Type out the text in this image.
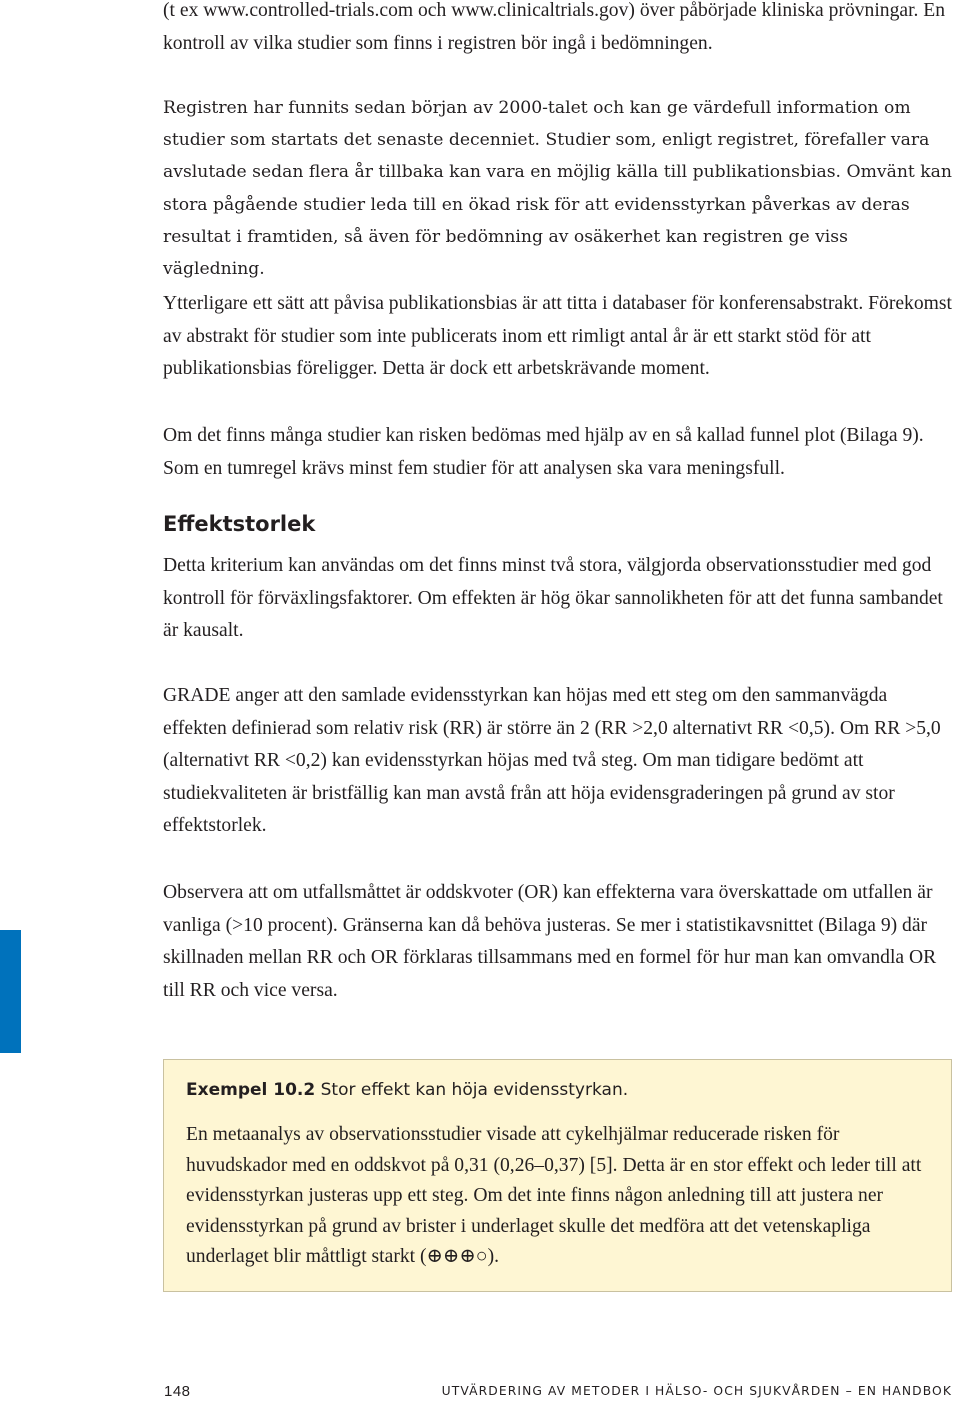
(t ex www.controlled-trials.com och www.clinicaltrials.gov) över påbörjade kliniska prövningar. En kontroll av vilka studier som finns i registren bör ingå i bedömningen.

Registren har funnits sedan början av 2000-talet och kan ge värdefull information om studier som startats det senaste decenniet. Studier som, enligt registret, förefaller vara avslutade sedan flera år tillbaka kan vara en möjlig källa till publikationsbias. Omvänt kan stora pågående studier leda till en ökad risk för att evidensstyrkan påverkas av deras resultat i framtiden, så även för bedömning av osäkerhet kan registren ge viss vägledning.

Ytterligare ett sätt att påvisa publikationsbias är att titta i databaser för konferensabstrakt. Förekomst av abstrakt för studier som inte publicerats inom ett rimligt antal år är ett starkt stöd för att publikationsbias föreligger. Detta är dock ett arbetskrävande moment.

Om det finns många studier kan risken bedömas med hjälp av en så kallad funnel plot (Bilaga 9). Som en tumregel krävs minst fem studier för att analysen ska vara meningsfull.

Effektstorlek

Detta kriterium kan användas om det finns minst två stora, välgjorda observationsstudier med god kontroll för förväxlingsfaktorer. Om effekten är hög ökar sannolikheten för att det funna sambandet är kausalt.

GRADE anger att den samlade evidensstyrkan kan höjas med ett steg om den sammanvägda effekten definierad som relativ risk (RR) är större än 2 (RR >2,0 alternativt RR <0,5). Om RR >5,0 (alternativt RR <0,2) kan evidensstyrkan höjas med två steg. Om man tidigare bedömt att studiekvaliteten är bristfällig kan man avstå från att höja evidensgraderingen på grund av stor effektstorlek.

Observera att om utfallsmåttet är oddskvoter (OR) kan effekterna vara överskattade om utfallen är vanliga (>10 procent). Gränserna kan då behöva justeras. Se mer i statistikavsnittet (Bilaga 9) där skillnaden mellan RR och OR förklaras tillsammans med en formel för hur man kan omvandla OR till RR och vice versa.

Exempel 10.2 Stor effekt kan höja evidensstyrkan.

En metaanalys av observationsstudier visade att cykelhjälmar reducerade risken för huvudskador med en oddskvot på 0,31 (0,26–0,37) [5]. Detta är en stor effekt och leder till att evidensstyrkan justeras upp ett steg. Om det inte finns någon anledning till att justera ner evidensstyrkan på grund av brister i underlaget skulle det medföra att det vetenskapliga underlaget blir måttligt starkt (⊕⊕⊕○).

148	UTVÄRDERING AV METODER I HÄLSO- OCH SJUKVÅRDEN – EN HANDBOK
